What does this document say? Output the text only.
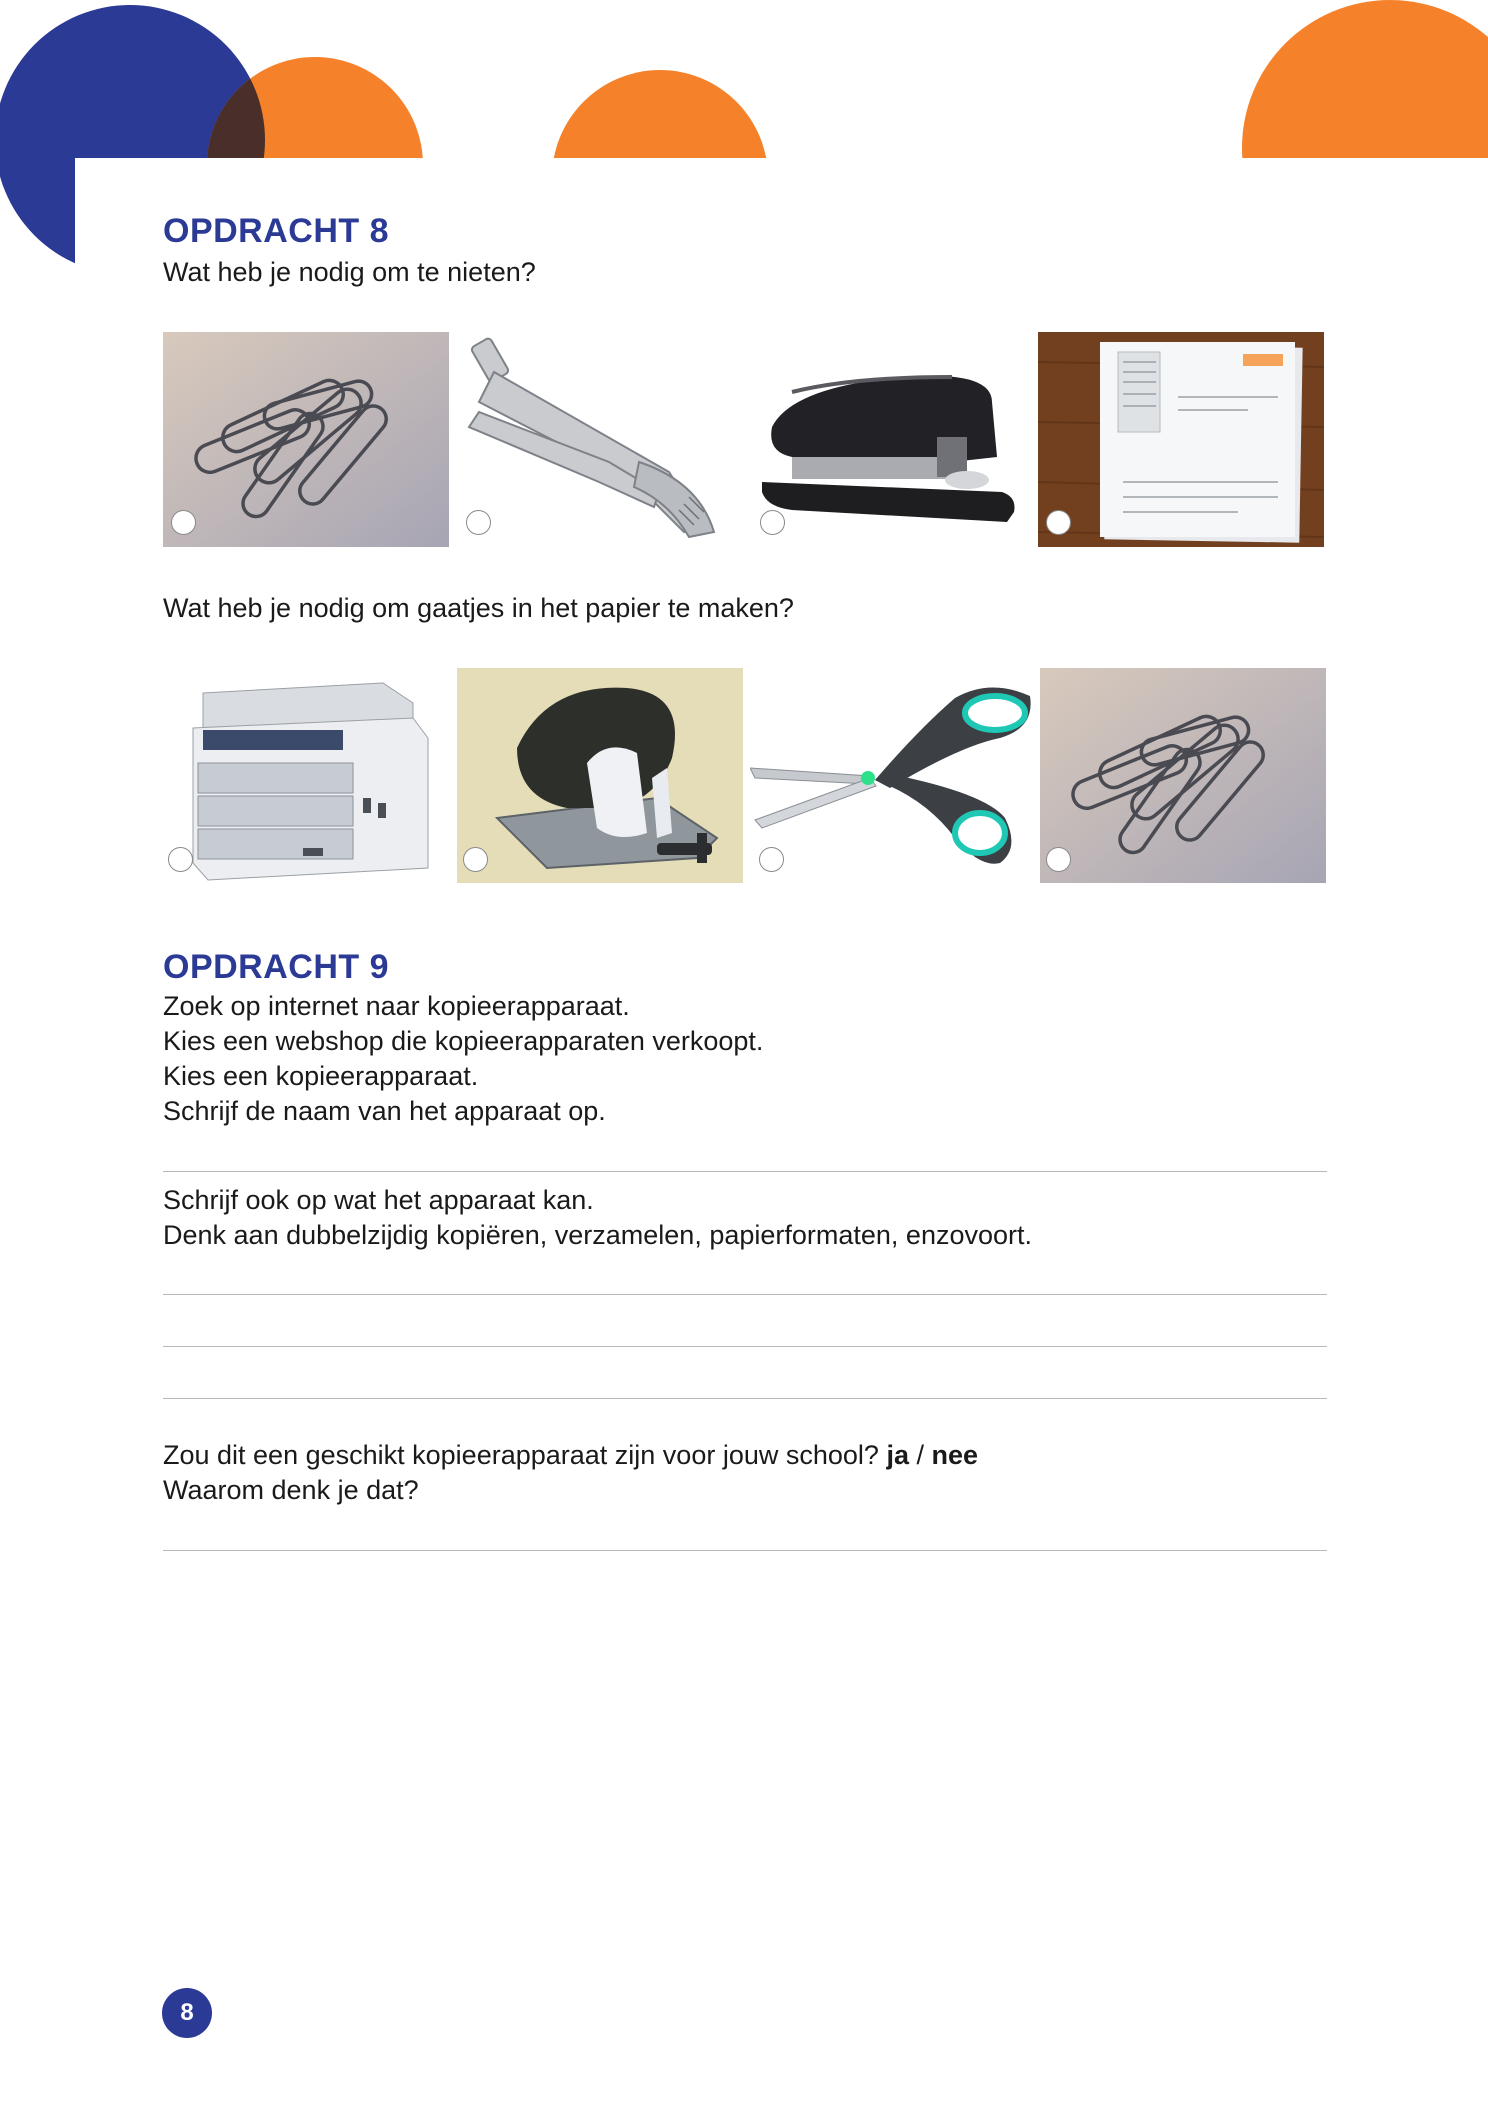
OPDRACHT 8

Wat heb je nodig om te nieten?

Wat heb je nodig om gaatjes in het papier te maken?

OPDRACHT 9

Zoek op internet naar kopieerapparaat.

Kies een webshop die kopieerapparaten verkoopt.

Kies een kopieerapparaat.

Schrijf de naam van het apparaat op.

Schrijf ook op wat het apparaat kan.

Denk aan dubbelzijdig kopiëren, verzamelen, papierformaten, enzovoort.

Zou dit een geschikt kopieerapparaat zijn voor jouw school? ja / nee

Waarom denk je dat?

8
